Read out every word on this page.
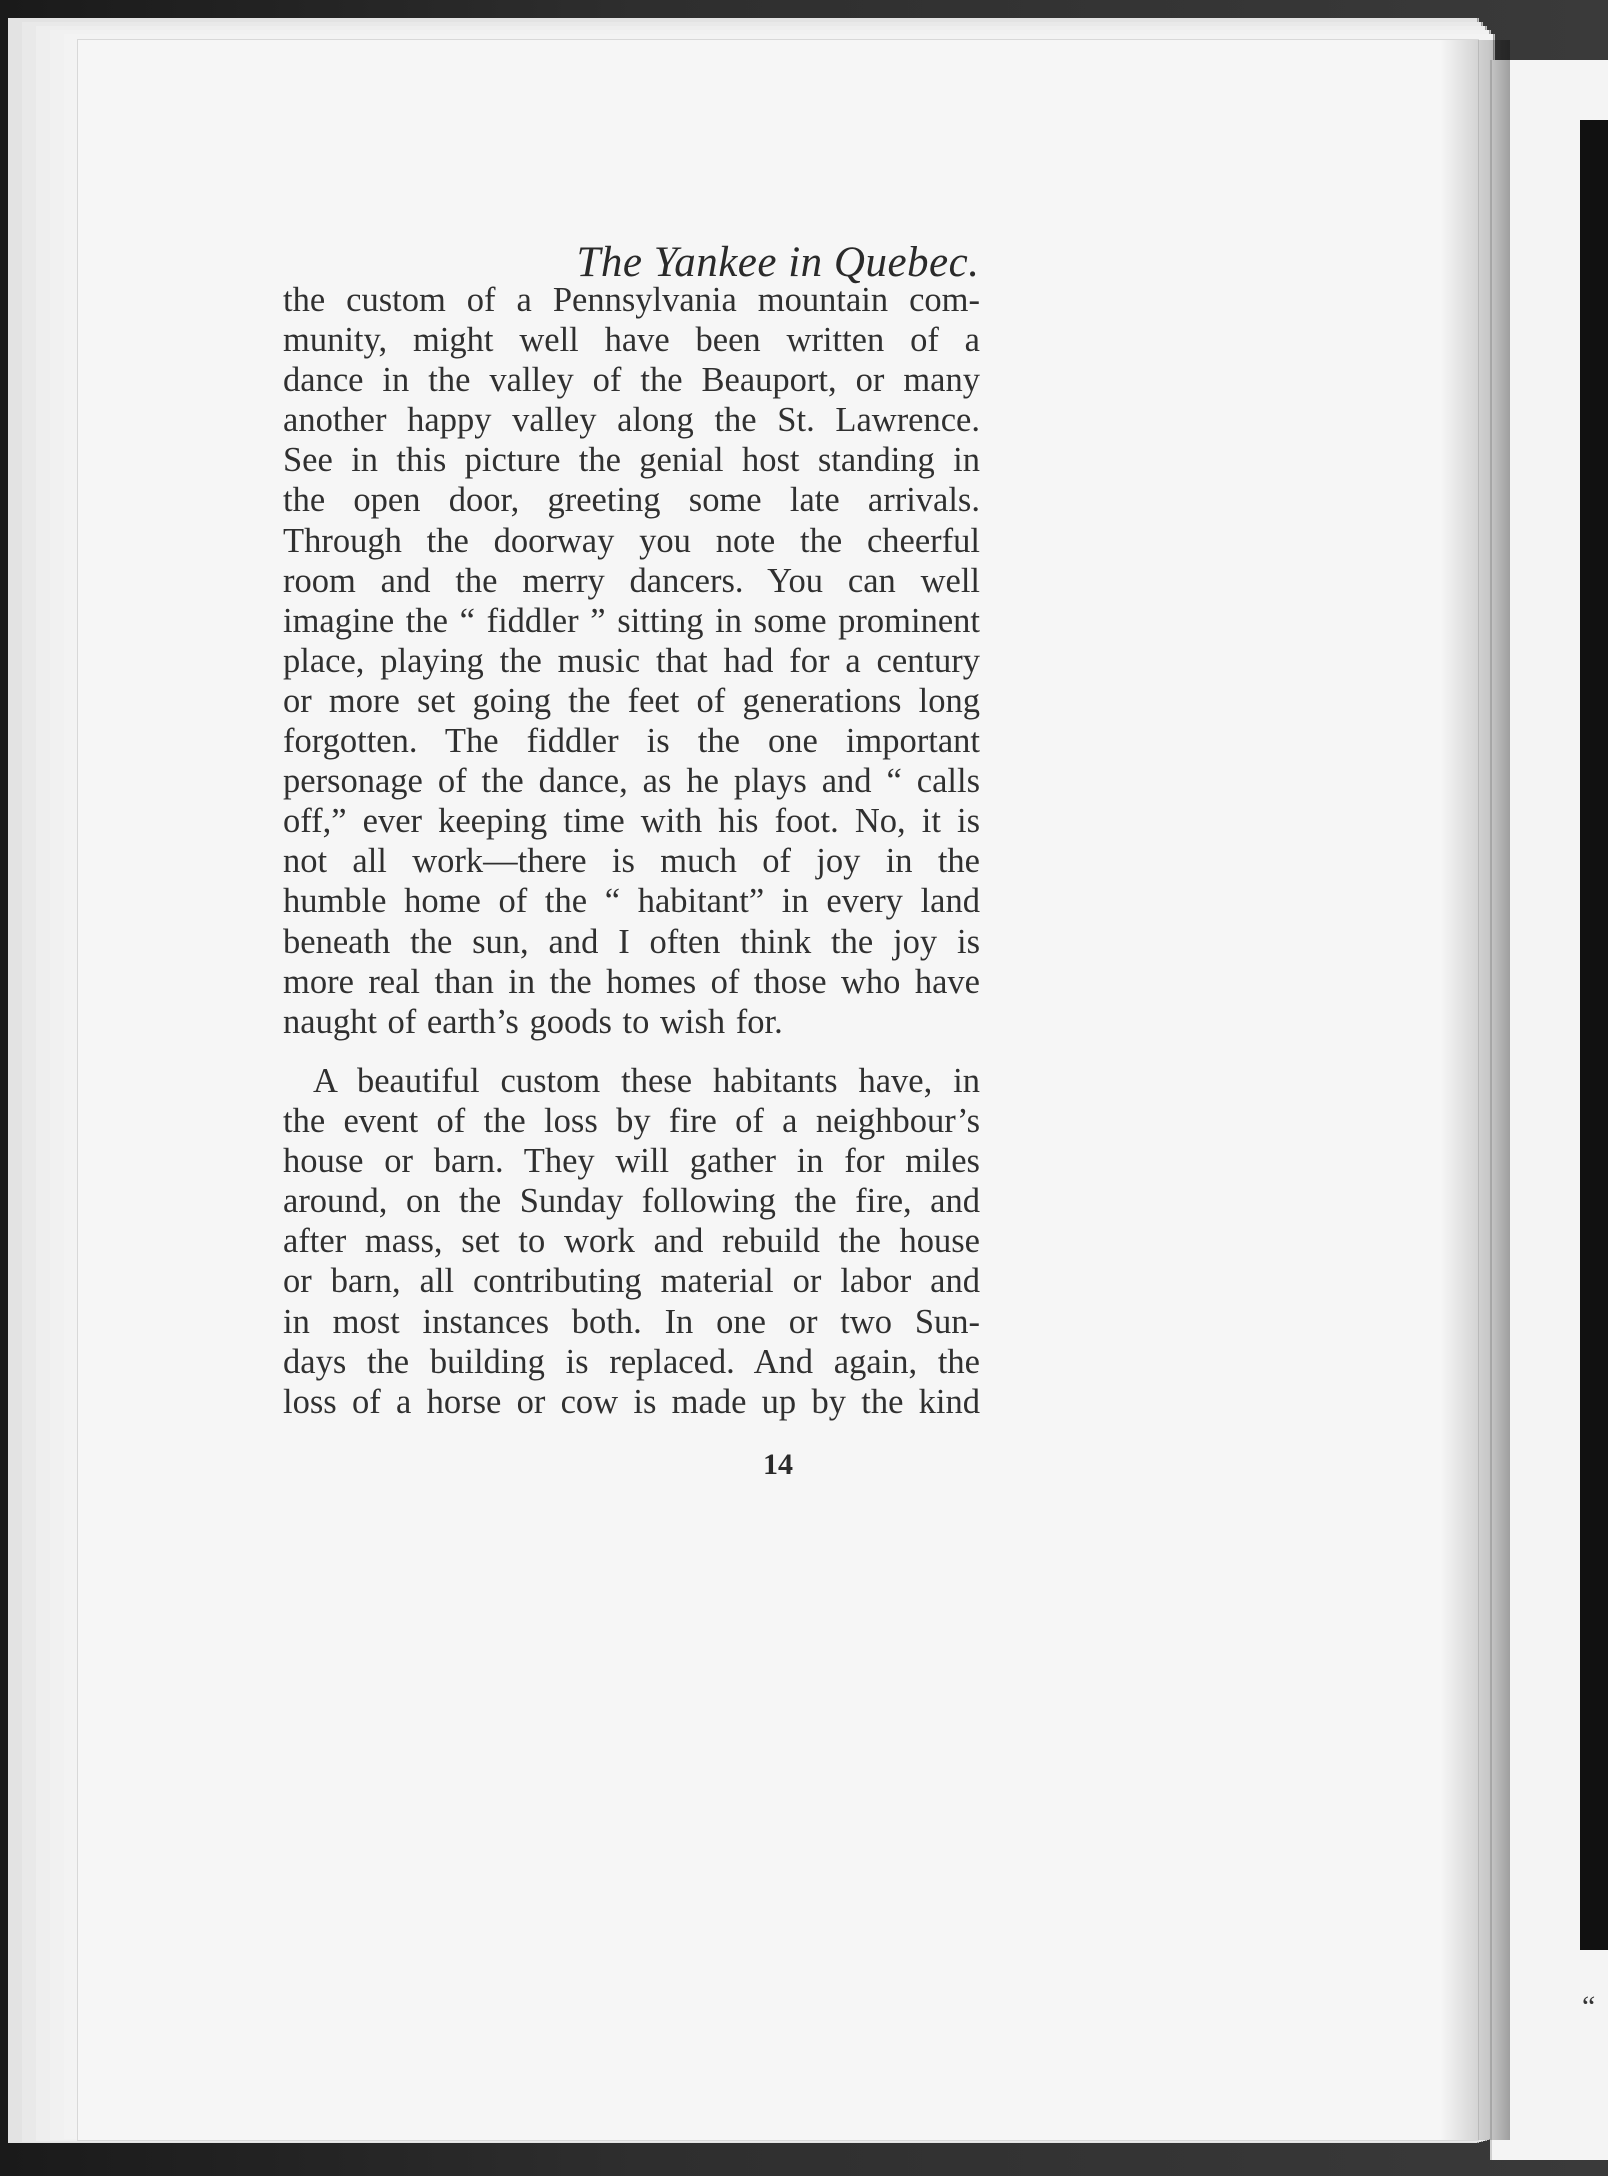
“
The Yankee in Quebec.
the custom of a Pennsylvania mountain com-
munity, might well have been written of a
dance in the valley of the Beauport, or many
another happy valley along the St. Lawrence.
See in this picture the genial host standing in
the open door, greeting some late arrivals.
Through the doorway you note the cheerful
room and the merry dancers. You can well
imagine the “ fiddler ” sitting in some prominent
place, playing the music that had for a century
or more set going the feet of generations long
forgotten. The fiddler is the one important
personage of the dance, as he plays and “ calls
off,” ever keeping time with his foot. No, it is
not all work—there is much of joy in the
humble home of the “ habitant” in every land
beneath the sun, and I often think the joy is
more real than in the homes of those who have
naught of earth’s goods to wish for.
A beautiful custom these habitants have, in
the event of the loss by fire of a neighbour’s
house or barn. They will gather in for miles
around, on the Sunday following the fire, and
after mass, set to work and rebuild the house
or barn, all contributing material or labor and
in most instances both. In one or two Sun-
days the building is replaced. And again, the
loss of a horse or cow is made up by the kind
14
